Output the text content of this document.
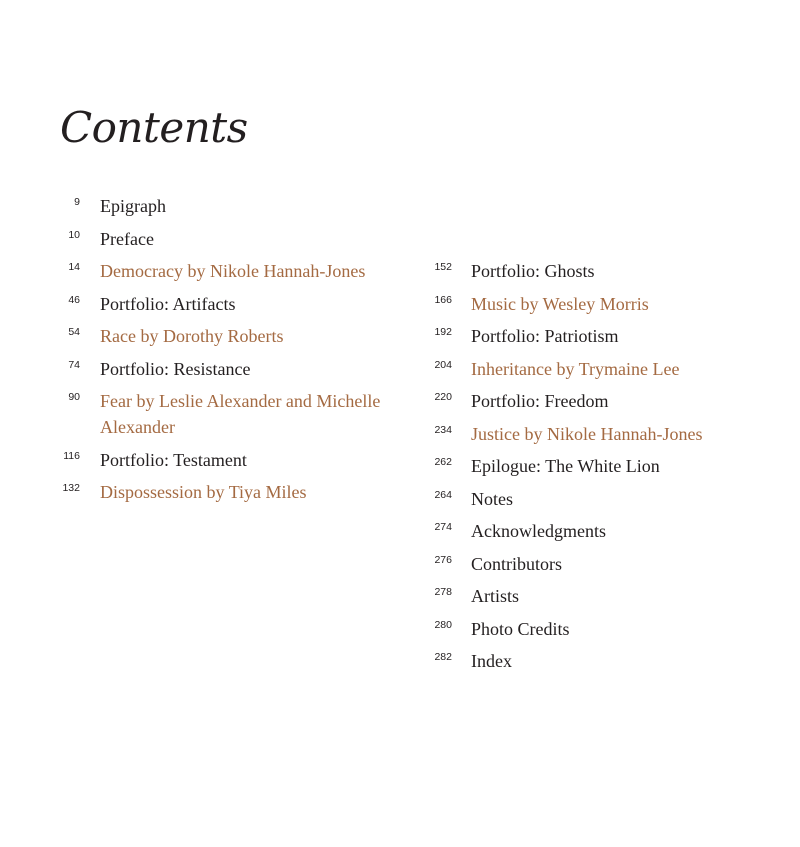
Contents
9 Epigraph
10 Preface
14 Democracy by Nikole Hannah-Jones
46 Portfolio: Artifacts
54 Race by Dorothy Roberts
74 Portfolio: Resistance
90 Fear by Leslie Alexander and Michelle Alexander
116 Portfolio: Testament
132 Dispossession by Tiya Miles
152 Portfolio: Ghosts
166 Music by Wesley Morris
192 Portfolio: Patriotism
204 Inheritance by Trymaine Lee
220 Portfolio: Freedom
234 Justice by Nikole Hannah-Jones
262 Epilogue: The White Lion
264 Notes
274 Acknowledgments
276 Contributors
278 Artists
280 Photo Credits
282 Index
